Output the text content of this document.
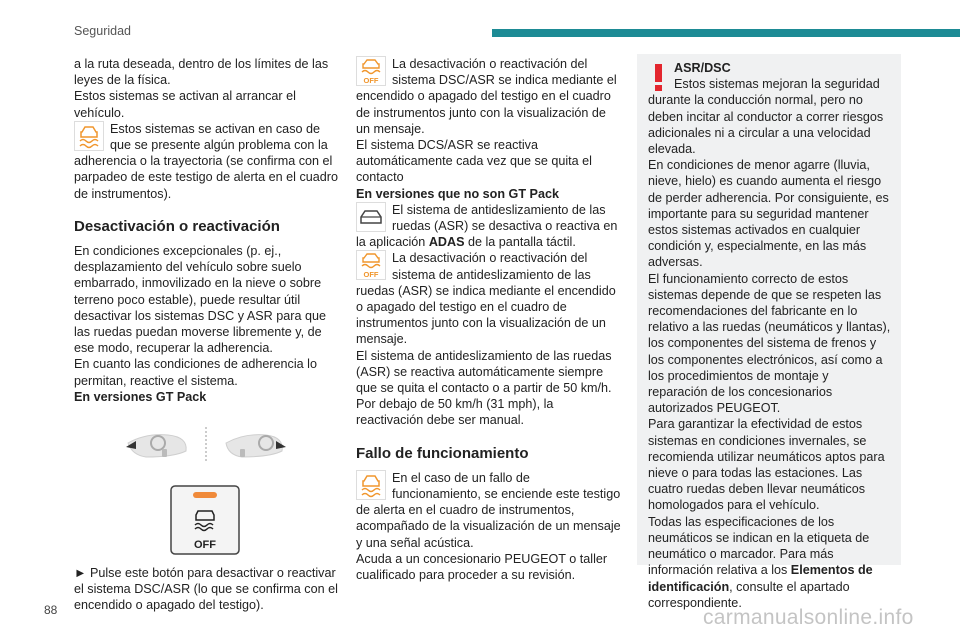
Seguridad

a la ruta deseada, dentro de los límites de las leyes de la física.

Estos sistemas se activan al arrancar el vehículo.

Estos sistemas se activan en caso de que se presente algún problema con la adherencia o la trayectoria (se confirma con el parpadeo de este testigo de alerta en el cuadro de instrumentos).

Desactivación o reactivación

En condiciones excepcionales (p. ej., desplazamiento del vehículo sobre suelo embarrado, inmovilizado en la nieve o sobre terreno poco estable), puede resultar útil desactivar los sistemas DSC y ASR para que las ruedas puedan moverse libremente y, de ese modo, recuperar la adherencia.

En cuanto las condiciones de adherencia lo permitan, reactive el sistema.

En versiones GT Pack

OFF

► Pulse este botón para desactivar o reactivar el sistema DSC/ASR (lo que se confirma con el encendido o apagado del testigo).

OFF

La desactivación o reactivación del sistema DSC/ASR se indica mediante el encendido o apagado del testigo en el cuadro de instrumentos junto con la visualización de un mensaje.

El sistema DCS/ASR se reactiva automáticamente cada vez que se quita el contacto

En versiones que no son GT Pack

El sistema de antideslizamiento de las ruedas (ASR) se desactiva o reactiva en la aplicación ADAS de la pantalla táctil.

OFF

La desactivación o reactivación del sistema de antideslizamiento de las ruedas (ASR) se indica mediante el encendido o apagado del testigo en el cuadro de instrumentos junto con la visualización de un mensaje.

El sistema de antideslizamiento de las ruedas (ASR) se reactiva automáticamente siempre que se quita el contacto o a partir de 50 km/h.

Por debajo de 50 km/h (31 mph), la reactivación debe ser manual.

Fallo de funcionamiento

En el caso de un fallo de funcionamiento, se enciende este testigo de alerta en el cuadro de instrumentos, acompañado de la visualización de un mensaje y una señal acústica.

Acuda a un concesionario PEUGEOT o taller cualificado para proceder a su revisión.

ASR/DSC

Estos sistemas mejoran la seguridad durante la conducción normal, pero no deben incitar al conductor a correr riesgos adicionales ni a circular a una velocidad elevada.

En condiciones de menor agarre (lluvia, nieve, hielo) es cuando aumenta el riesgo de perder adherencia. Por consiguiente, es importante para su seguridad mantener estos sistemas activados en cualquier condición y, especialmente, en las más adversas.

El funcionamiento correcto de estos sistemas depende de que se respeten las recomendaciones del fabricante en lo relativo a las ruedas (neumáticos y llantas), los componentes del sistema de frenos y los componentes electrónicos, así como a los procedimientos de montaje y reparación de los concesionarios autorizados PEUGEOT.

Para garantizar la efectividad de estos sistemas en condiciones invernales, se recomienda utilizar neumáticos aptos para nieve o para todas las estaciones. Las cuatro ruedas deben llevar neumáticos homologados para el vehículo.

Todas las especificaciones de los neumáticos se indican en la etiqueta de neumático o marcador. Para más información relativa a los Elementos de identificación, consulte el apartado correspondiente.

88	carmanualsonline.info
